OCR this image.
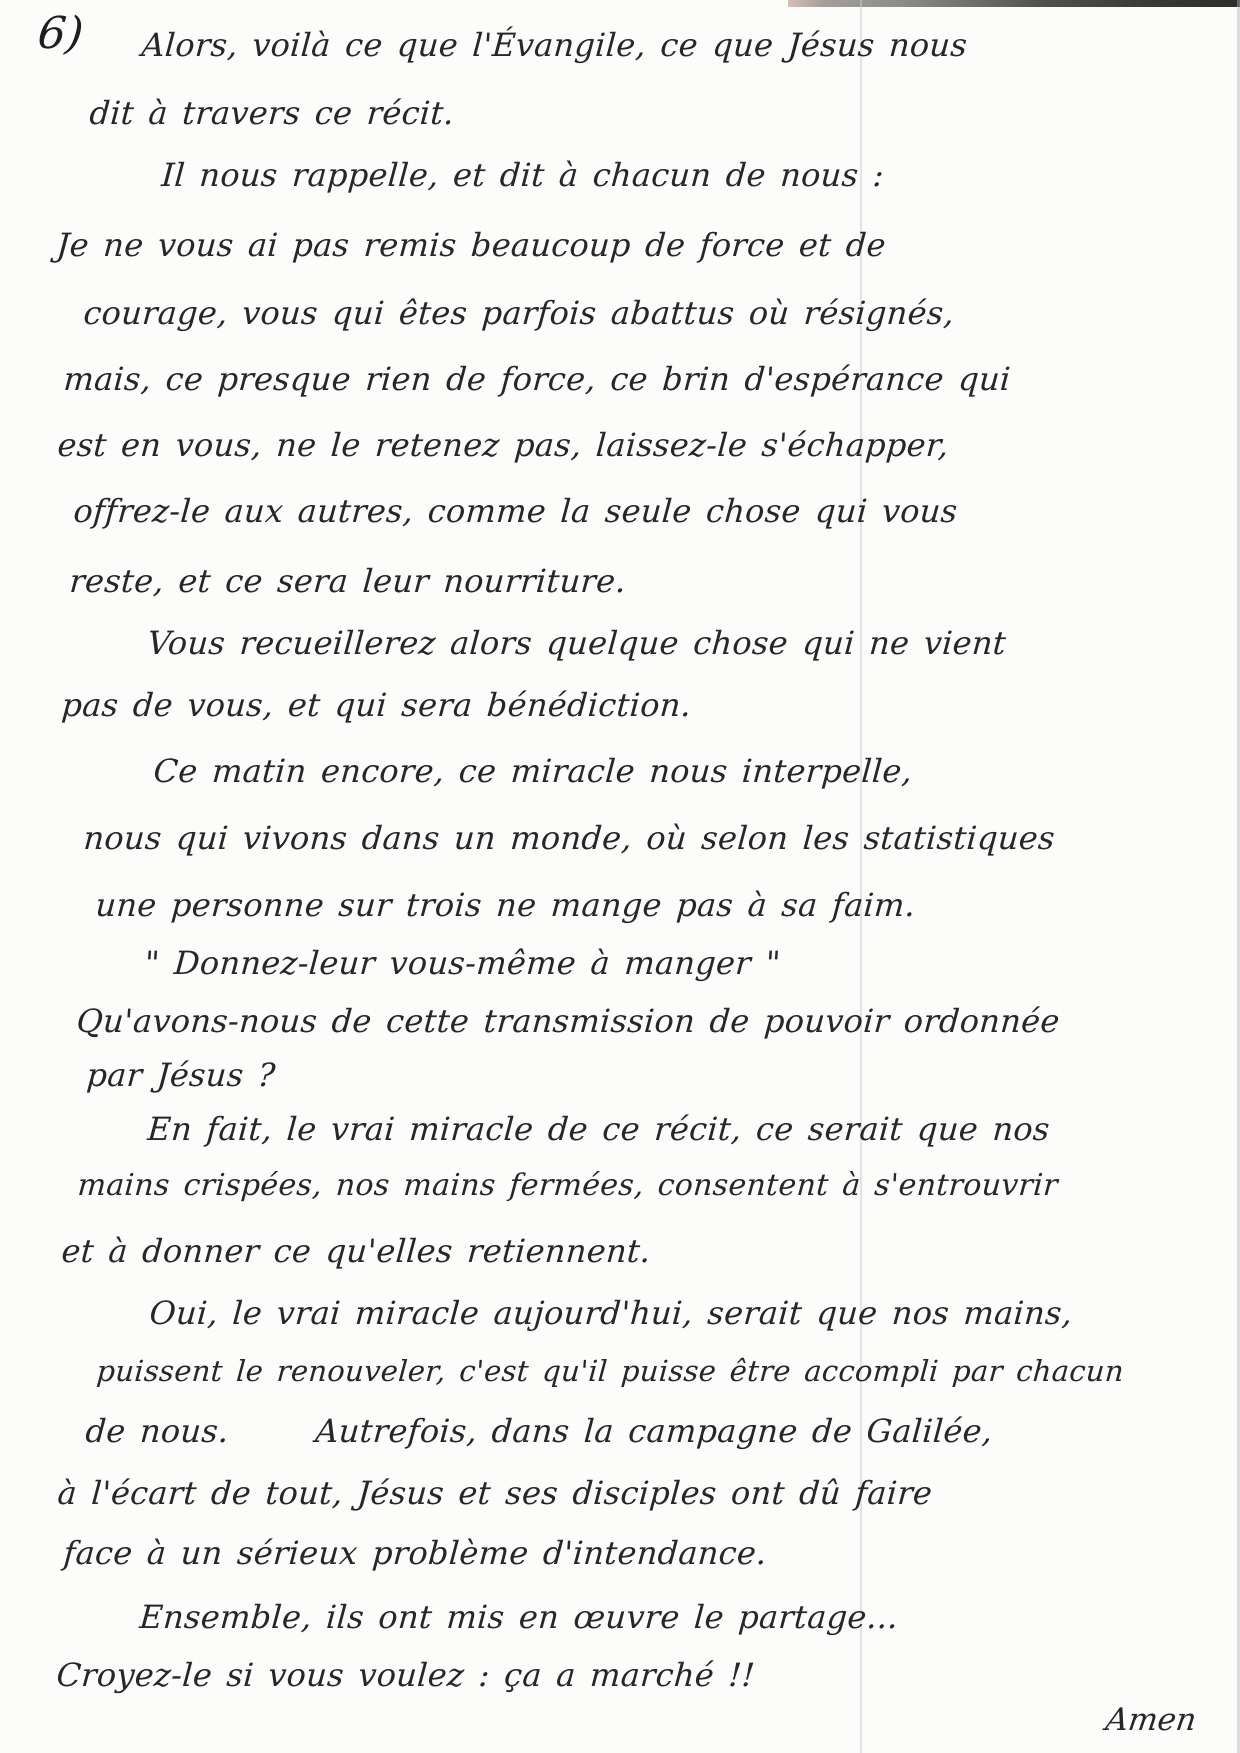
6) Alors, voilà ce que l'Évangile, ce que Jésus nous
dit à travers ce récit.
Il nous rappelle, et dit à chacun de nous :
Je ne vous ai pas remis beaucoup de force et de
courage, vous qui êtes parfois abattus où résignés,
mais, ce presque rien de force, ce brin d'espérance qui
est en vous, ne le retenez pas, laissez-le s'échapper,
offrez-le aux autres, comme la seule chose qui vous
reste, et ce sera leur nourriture.
Vous recueillerez alors quelque chose qui ne vient
pas de vous, et qui sera bénédiction.
Ce matin encore, ce miracle nous interpelle,
nous qui vivons dans un monde, où selon les statistiques
une personne sur trois ne mange pas à sa faim.
" Donnez-leur vous-même à manger "
Qu'avons-nous de cette transmission de pouvoir ordonnée
par Jésus ?
En fait, le vrai miracle de ce récit, ce serait que nos
mains crispées, nos mains fermées, consentent à s'entrouvrir
et à donner ce qu'elles retiennent.
Oui, le vrai miracle aujourd'hui, serait que nos mains,
puissent le renouveler, c'est qu'il puisse être accompli par chacun
de nous.      Autrefois, dans la campagne de Galilée,
à l'écart de tout, Jésus et ses disciples ont dû faire
face à un sérieux problème d'intendance.
Ensemble, ils ont mis en œuvre le partage...
Croyez-le si vous voulez : ça a marché !!
Amen
